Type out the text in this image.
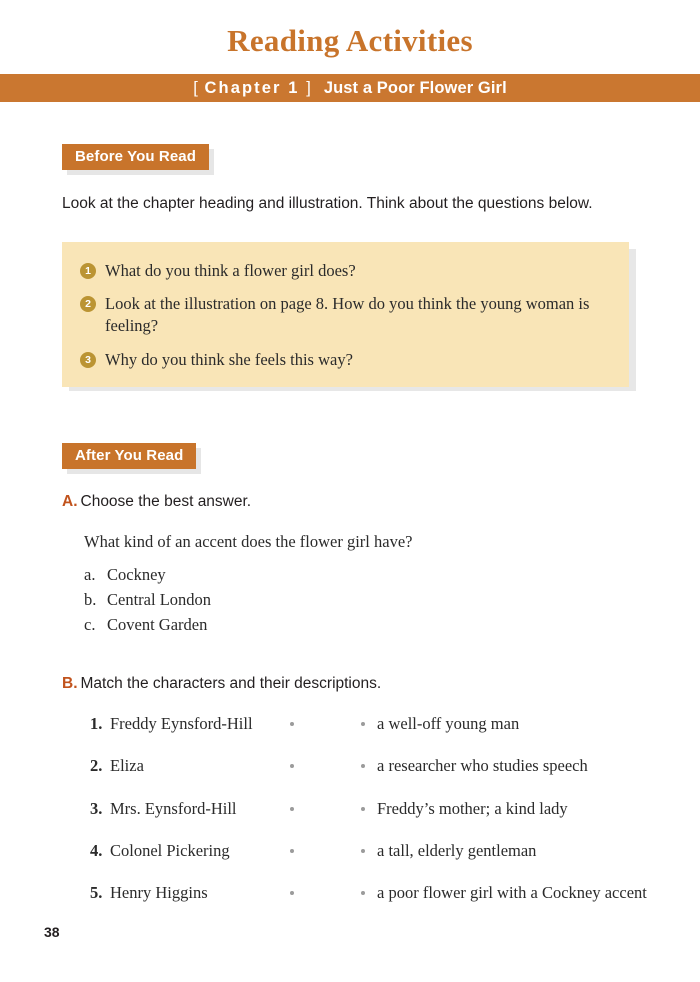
Reading Activities
[ Chapter 1 ] Just a Poor Flower Girl
Before You Read

Look at the chapter heading and illustration. Think about the questions below.

1 What do you think a flower girl does?
2 Look at the illustration on page 8. How do you think the young woman is feeling?
3 Why do you think she feels this way?
After You Read

A. Choose the best answer.

What kind of an accent does the flower girl have?

a. Cockney
b. Central London
c. Covent Garden

B. Match the characters and their descriptions.

1. Freddy Eynsford-Hill	a well-off young man
2. Eliza	a researcher who studies speech
3. Mrs. Eynsford-Hill	Freddy’s mother; a kind lady
4. Colonel Pickering	a tall, elderly gentleman
5. Henry Higgins	a poor flower girl with a Cockney accent
38
